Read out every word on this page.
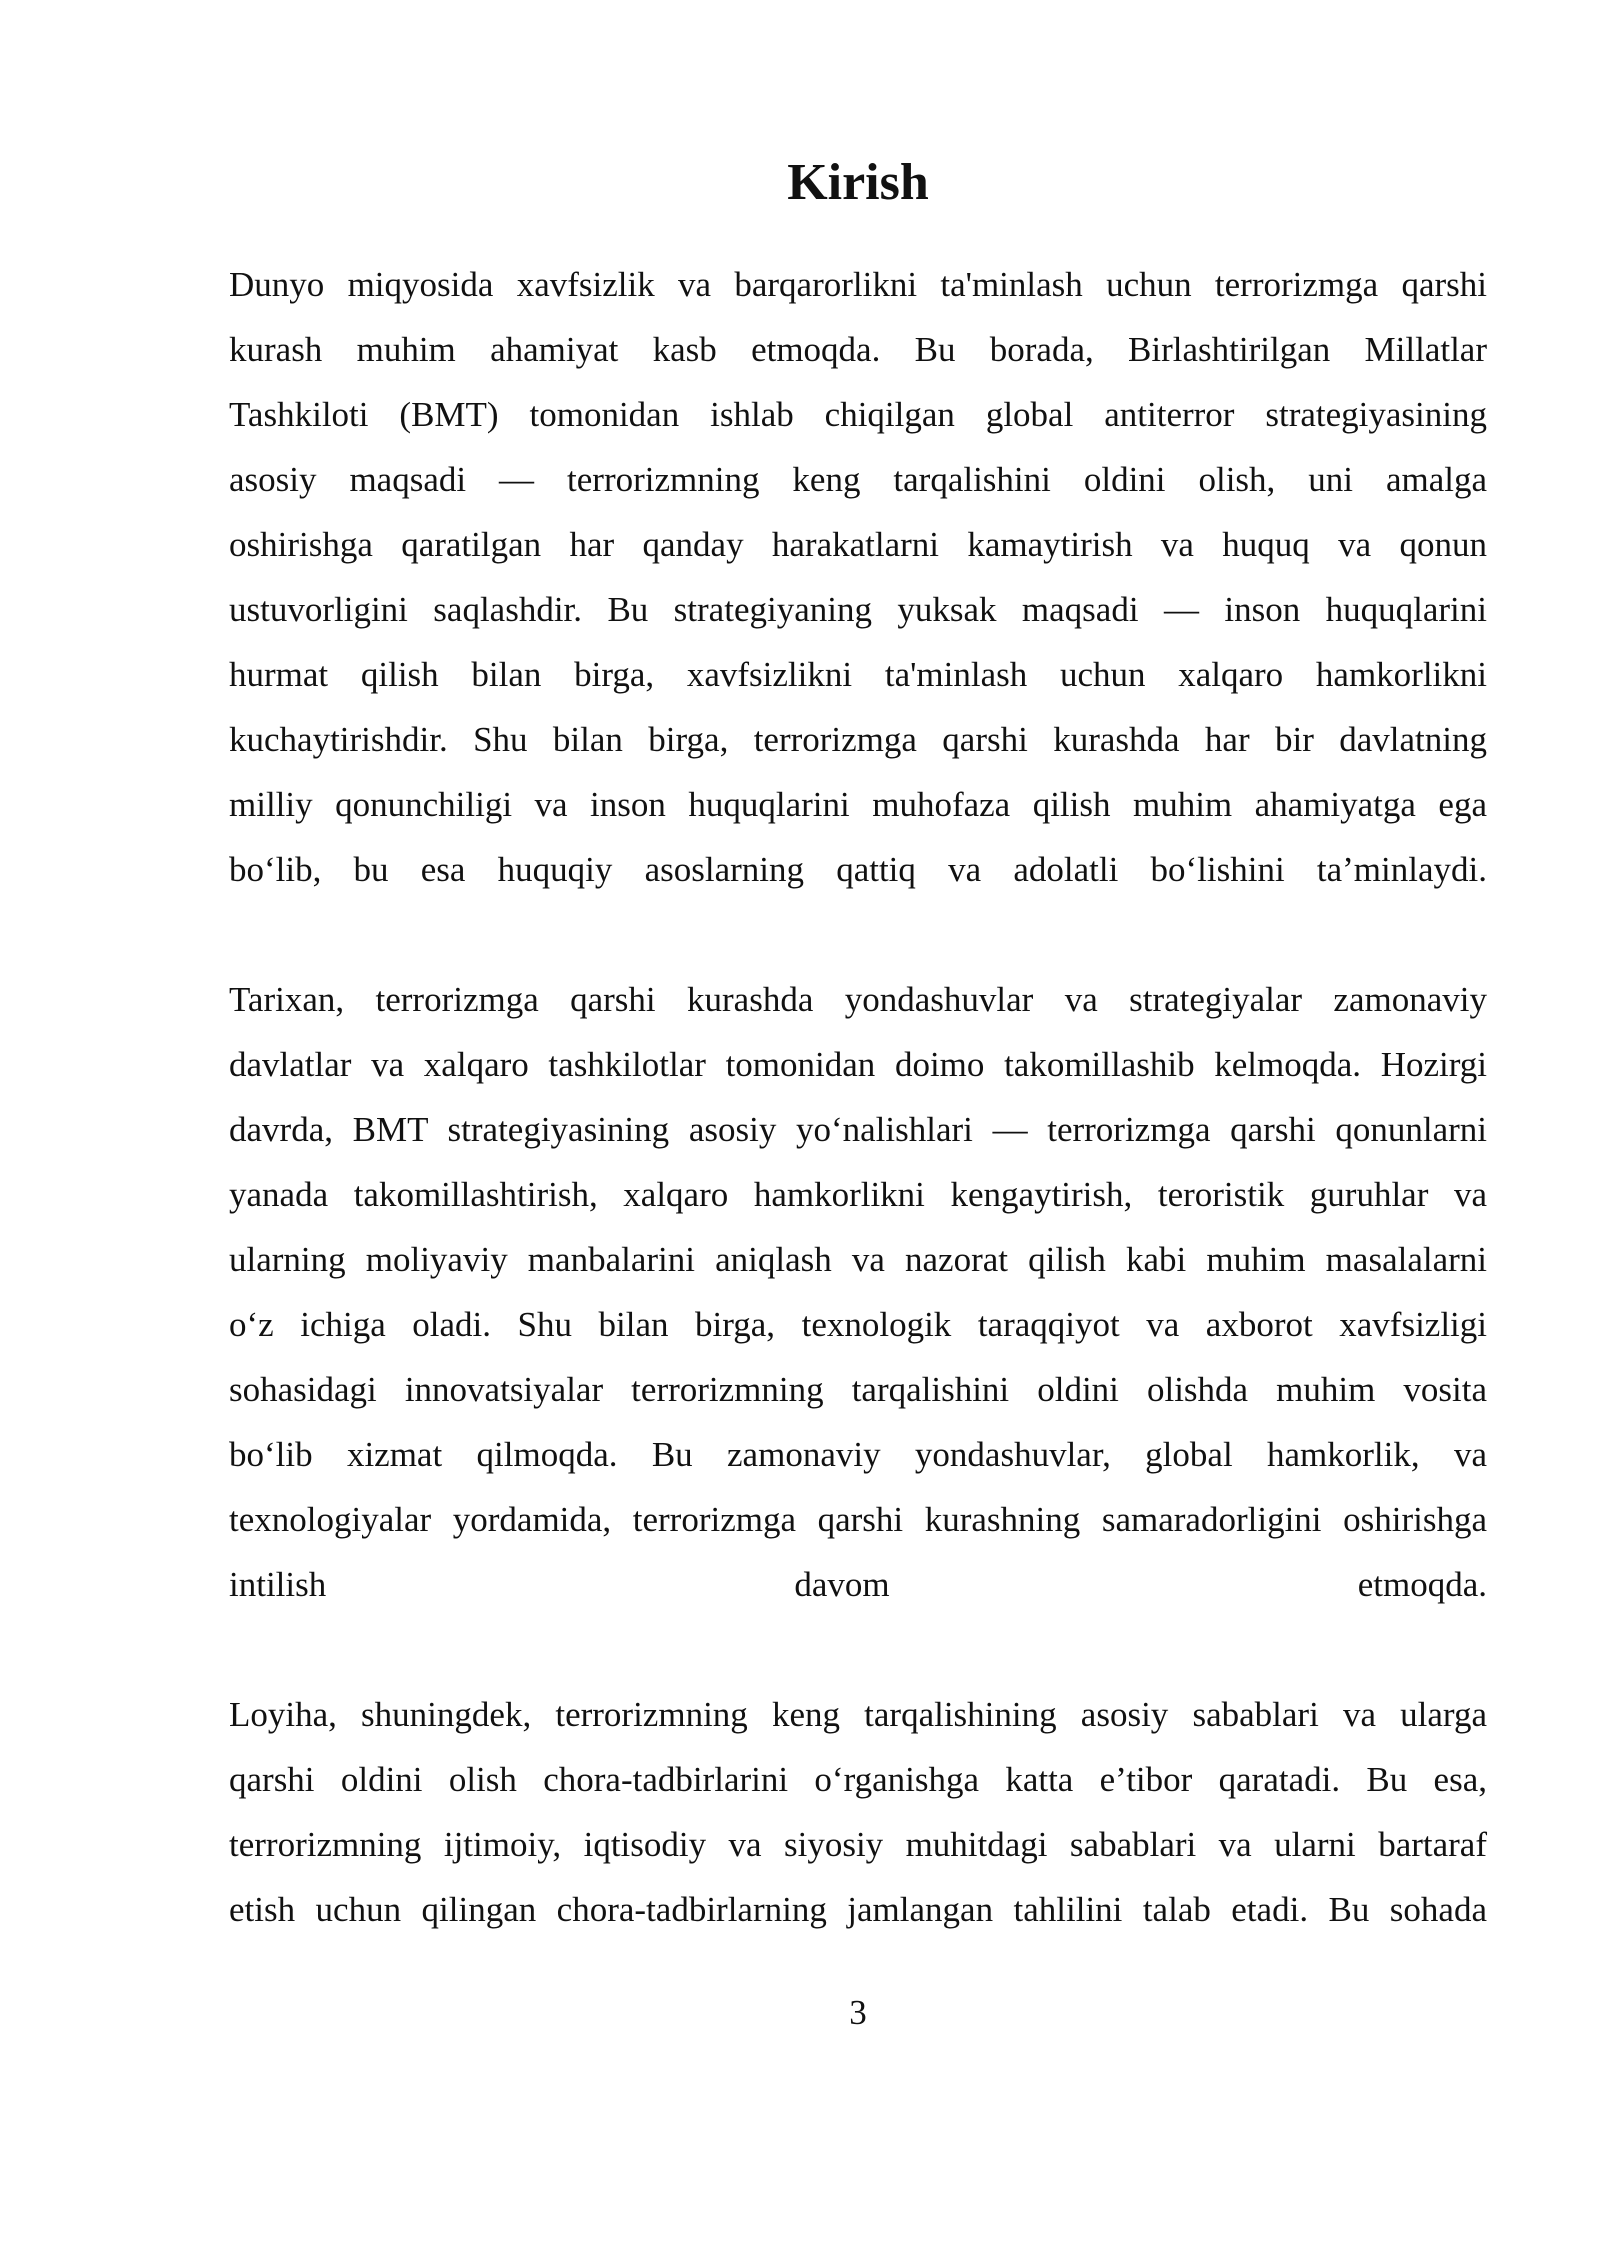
Kirish
Dunyo miqyosida xavfsizlik va barqarorlikni ta'minlash uchun terrorizmga qarshi
kurash muhim ahamiyat kasb etmoqda. Bu borada, Birlashtirilgan Millatlar
Tashkiloti (BMT) tomonidan ishlab chiqilgan global antiterror strategiyasining
asosiy maqsadi — terrorizmning keng tarqalishini oldini olish, uni amalga
oshirishga qaratilgan har qanday harakatlarni kamaytirish va huquq va qonun
ustuvorligini saqlashdir. Bu strategiyaning yuksak maqsadi — inson huquqlarini
hurmat qilish bilan birga, xavfsizlikni ta'minlash uchun xalqaro hamkorlikni
kuchaytirishdir. Shu bilan birga, terrorizmga qarshi kurashda har bir davlatning
milliy qonunchiligi va inson huquqlarini muhofaza qilish muhim ahamiyatga ega
bo‘lib, bu esa huquqiy asoslarning qattiq va adolatli bo‘lishini ta’minlaydi.
Tarixan, terrorizmga qarshi kurashda yondashuvlar va strategiyalar zamonaviy
davlatlar va xalqaro tashkilotlar tomonidan doimo takomillashib kelmoqda. Hozirgi
davrda, BMT strategiyasining asosiy yo‘nalishlari — terrorizmga qarshi qonunlarni
yanada takomillashtirish, xalqaro hamkorlikni kengaytirish, teroristik guruhlar va
ularning moliyaviy manbalarini aniqlash va nazorat qilish kabi muhim masalalarni
o‘z ichiga oladi. Shu bilan birga, texnologik taraqqiyot va axborot xavfsizligi
sohasidagi innovatsiyalar terrorizmning tarqalishini oldini olishda muhim vosita
bo‘lib xizmat qilmoqda. Bu zamonaviy yondashuvlar, global hamkorlik, va
texnologiyalar yordamida, terrorizmga qarshi kurashning samaradorligini oshirishga
intilish davom etmoqda.
Loyiha, shuningdek, terrorizmning keng tarqalishining asosiy sabablari va ularga
qarshi oldini olish chora-tadbirlarini o‘rganishga katta e’tibor qaratadi. Bu esa,
terrorizmning ijtimoiy, iqtisodiy va siyosiy muhitdagi sabablari va ularni bartaraf
etish uchun qilingan chora-tadbirlarning jamlangan tahlilini talab etadi. Bu sohada
3
